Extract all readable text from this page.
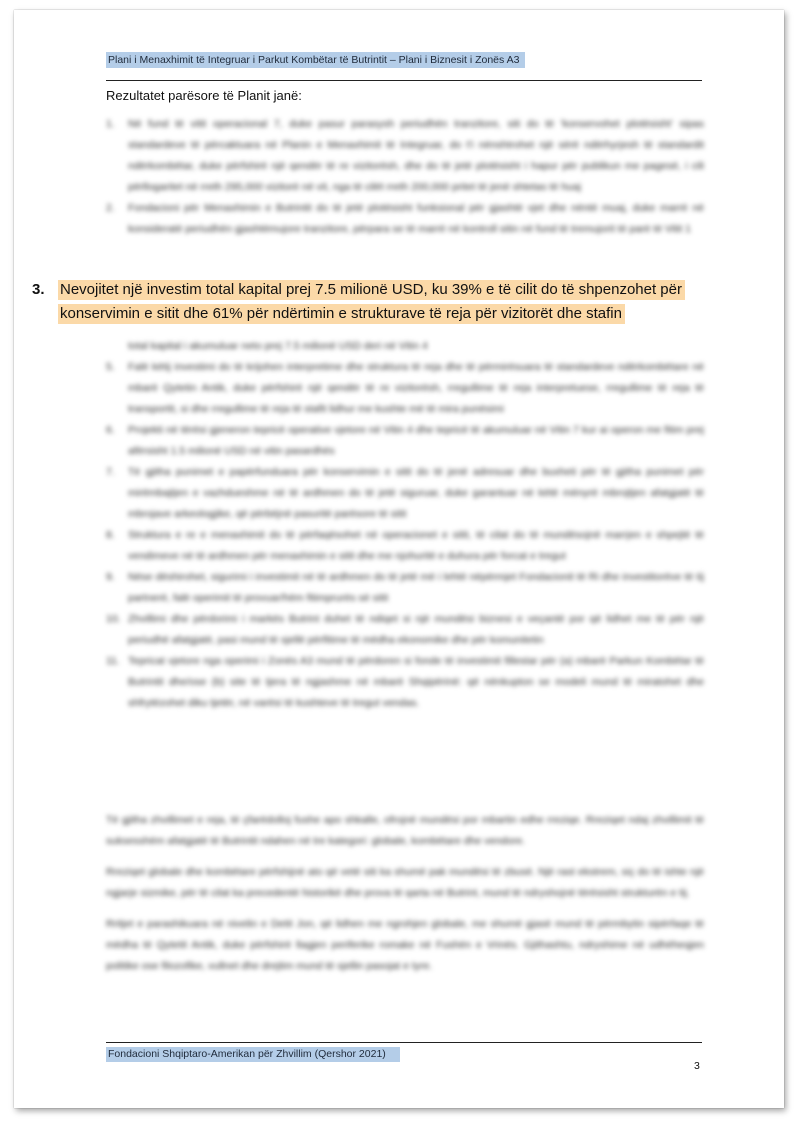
Plani i Menaxhimit të Integruar i Parkut Kombëtar të Butrintit – Plani i Biznesit i Zonës A3
Rezultatet parësore të Planit janë:
1.	Në fund të vitit operacional 7, duke pasur parasysh periudhën tranzitore, siti do të 'konservohet plotësisht' sipas standardeve të përcaktuara në Planin e Menaxhimit të Integruar, do t'i nënshtrohet një sërë ndërhyrjesh të standardit ndërkombëtar, duke përfshirë një qendër të re vizitorësh, dhe do të jetë plotësisht i hapur për publikun me pagesë, i cili përllogaritet në rreth 295,000 vizitorë në vit, nga të cilët rreth 200,000 pritet të jenë shtetas të huaj
2.	Fondacioni për Menaxhimin e Butrintit do të jetë plotësisht funksional për gjashtë vjet dhe nëntë muaj, duke marrë në konsideratë periudhën gjashtëmujore tranzitore, përpara se të marrë në kontroll sitin në fund të tremujorit të parë të Vitit 1
3.	Nevojitet një investim total kapital prej 7.5 milionë USD, ku 39% e të cilit do të shpenzohet për konservimin e sitit dhe 61% për ndërtimin e strukturave të reja për vizitorët dhe stafin
total kapital i akumuluar neto prej 7.5 milionë USD deri në Vitin 4
5.	Falë këtij investimi do të krijohen interpretime dhe struktura të reja dhe të përmirësuara të standardeve ndërkombëtare në mbarë Qytetin Antik, duke përfshirë një qendër të re vizitorësh, rregullime të reja interpretuese, rregullime të reja të transportit, si dhe rregullime të reja të stafit lidhur me kushte më të mira punësimi
6.	Projekti në tërësi gjeneron tepricë operative vjetore në Vitin 4 dhe tepricë të akumuluar në Vitin 7 kur ai operon me fitim prej afërsisht 1.5 milionë USD në vitin pasardhës
7.	Të gjitha punimet e papërfunduara për konservimin e sitit do të jenë adresuar dhe buxheti për të gjitha punimet për mirëmbajtjen e vazhdueshme në të ardhmen do të jetë siguruar, duke garantuar në këtë mënyrë mbrojtjen afatgjatë të mbrojave arkeologjike, që përbëjnë pasuritë parësore të sitit
8.	Struktura e re e menaxhimit do të përfaqësohet në operacionet e sitit, të cilat do të mundësojnë marrjen e shpejtë të vendimeve në të ardhmen për menaxhimin e sitit dhe me njohuritë e duhura për forcat e tregut
9.	Nëse dëshirohet, sigurimi i investimit në të ardhmen do të jetë më i lehtë nëpërmjet Fondacionit të Ri dhe investitorëve të tij partnerë, falë operimit të provuar/hëm fitimprurës së sitit
10. Zhvillimi dhe përdorimi i markës Butrint duhet të ndiqet si një mundësi biznesi e veçantë por që lidhet me të për një periudhë afatgjatë, pasi mund të sjellë përfitime të mëdha ekonomike dhe për komunitetin
11. Tepricat vjetore nga operimi i Zonës A3 mund të përdoren si fonde të investimit fillestar për (a) mbarë Parkun Kombëtar të Butrintit dhe/ose (b) site të tjera të ngjashme në mbarë Shqipërinë: që nënkupton se modeli mund të miratohet dhe shfrytëzohet diku tjetër, në varësi të kushteve të tregut vendas.

Të gjitha zhvillimet e reja, të çfarëdolloj fushe apo shkalle, ofrojnë mundësi por mbartin edhe rreziqe. Rreziqet ndaj zhvillimit të suksesshëm afatgjatë të Butrintit ndahen në tre kategori: globale, kombëtare dhe vendore.

Rreziqet globale dhe kombëtare përfshijnë ato që vetë siti ka shumë pak mundësi të zbusë. Një rast ekstrem, siç do të ishte një ngjarje sizmike, për të cilat ka precedentë historikë dhe prova të qarta në Butrint, mund të ndryshojnë tërësisht strukturën e tij.

Rritjet e parashikuara në nivelin e Detit Jon, që lidhen me ngrohjen globale, me shumë gjasë mund të përmbytin sipërfaqe të mëdha të Qytetit Antik, duke përfshirë llagjen periferike romake në Fushën e Vrinës. Gjithashtu, ndryshime në udhëheqjen politike ose filozofike, vullnet dhe drejtim mund të sjellin pasojat e tyre.

Fondacioni Shqiptaro-Amerikan për Zhvillim (Qershor 2021)
3
